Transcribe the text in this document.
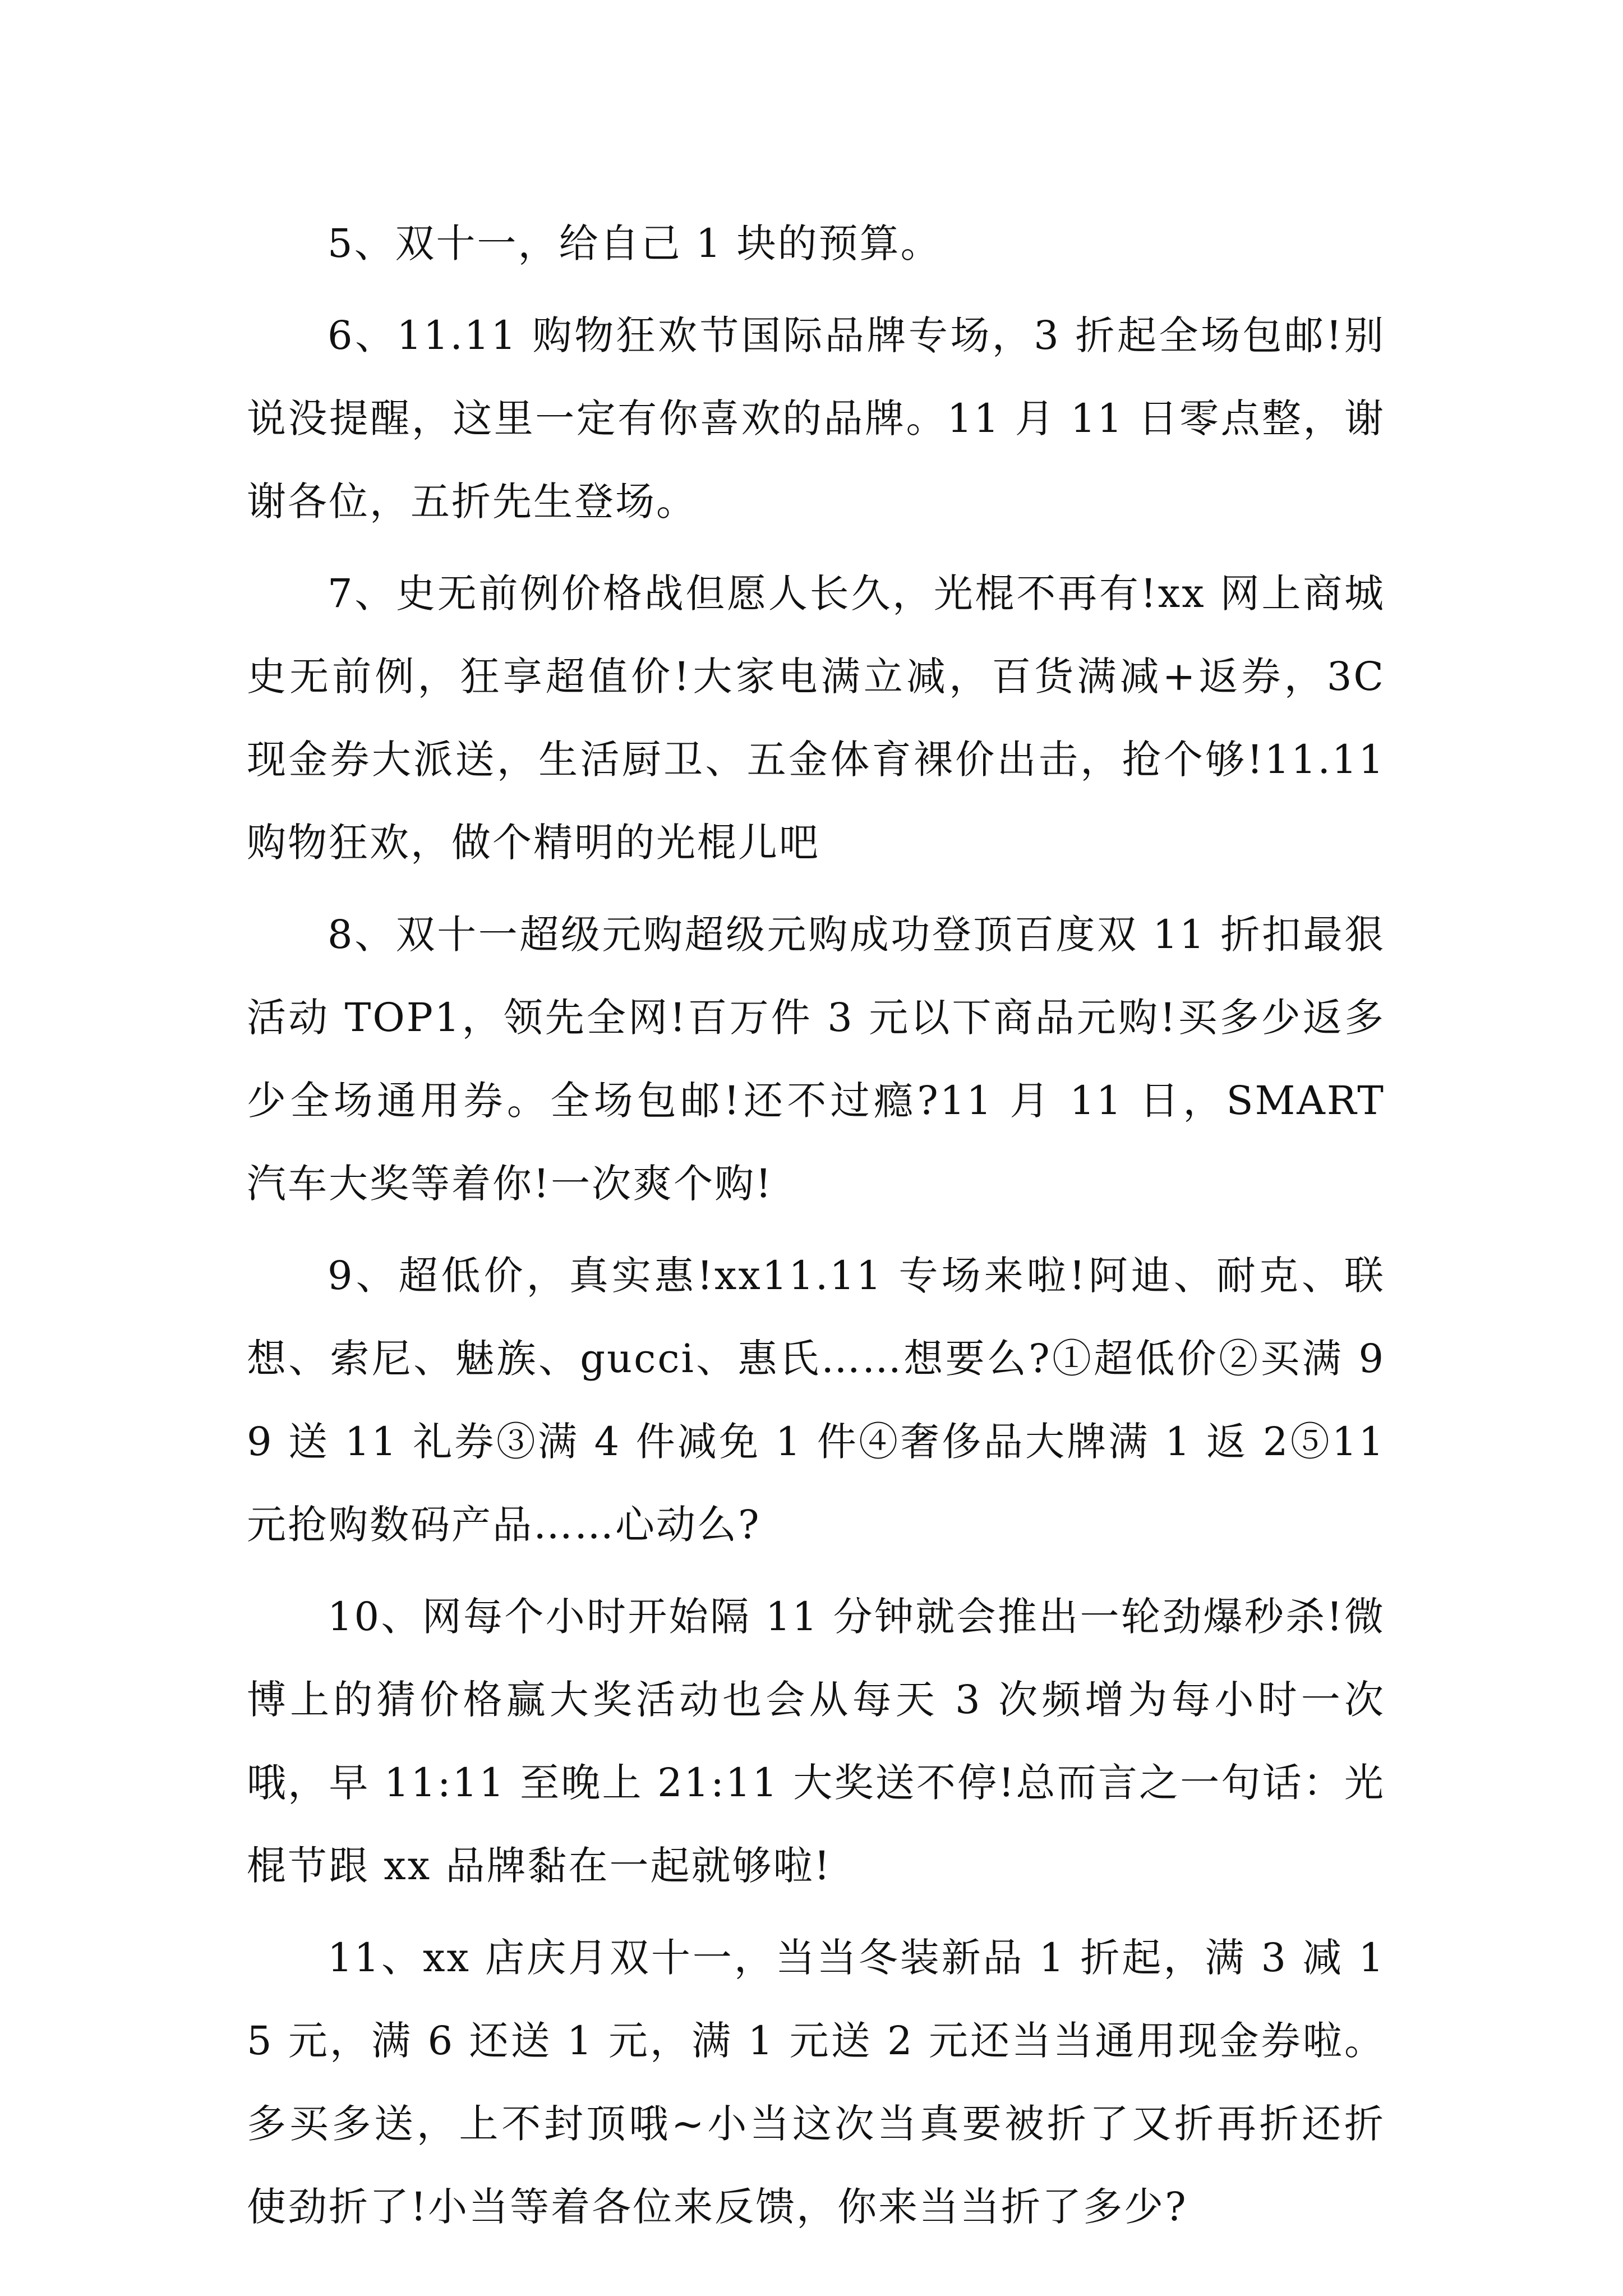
5、双十一，给自己 1 块的预算。

6、11.11 购物狂欢节国际品牌专场，3 折起全场包邮!别说没提醒，这里一定有你喜欢的品牌。11 月 11 日零点整，谢谢各位，五折先生登场。

7、史无前例价格战但愿人长久，光棍不再有!xx 网上商城史无前例，狂享超值价!大家电满立减，百货满减+返券，3C 现金券大派送，生活厨卫、五金体育裸价出击，抢个够!11.11 购物狂欢，做个精明的光棍儿吧

8、双十一超级元购超级元购成功登顶百度双 11 折扣最狠活动 TOP1，领先全网!百万件 3 元以下商品元购!买多少返多少全场通用券。全场包邮!还不过瘾?11 月 11 日，SMART 汽车大奖等着你!一次爽个购!

9、超低价，真实惠!xx11.11 专场来啦!阿迪、耐克、联想、索尼、魅族、gucci、惠氏……想要么?①超低价②买满 99 送 11 礼券③满 4 件减免 1 件④奢侈品大牌满 1 返 2⑤11 元抢购数码产品……心动么?

10、网每个小时开始隔 11 分钟就会推出一轮劲爆秒杀!微博上的猜价格赢大奖活动也会从每天 3 次频增为每小时一次哦，早 11:11 至晚上 21:11 大奖送不停!总而言之一句话：光棍节跟 xx 品牌黏在一起就够啦!

11、xx 店庆月双十一，当当冬装新品 1 折起，满 3 减 15 元，满 6 还送 1 元，满 1 元送 2 元还当当通用现金券啦。多买多送，上不封顶哦~小当这次当真要被折了又折再折还折使劲折了!小当等着各位来反馈，你来当当折了多少?
